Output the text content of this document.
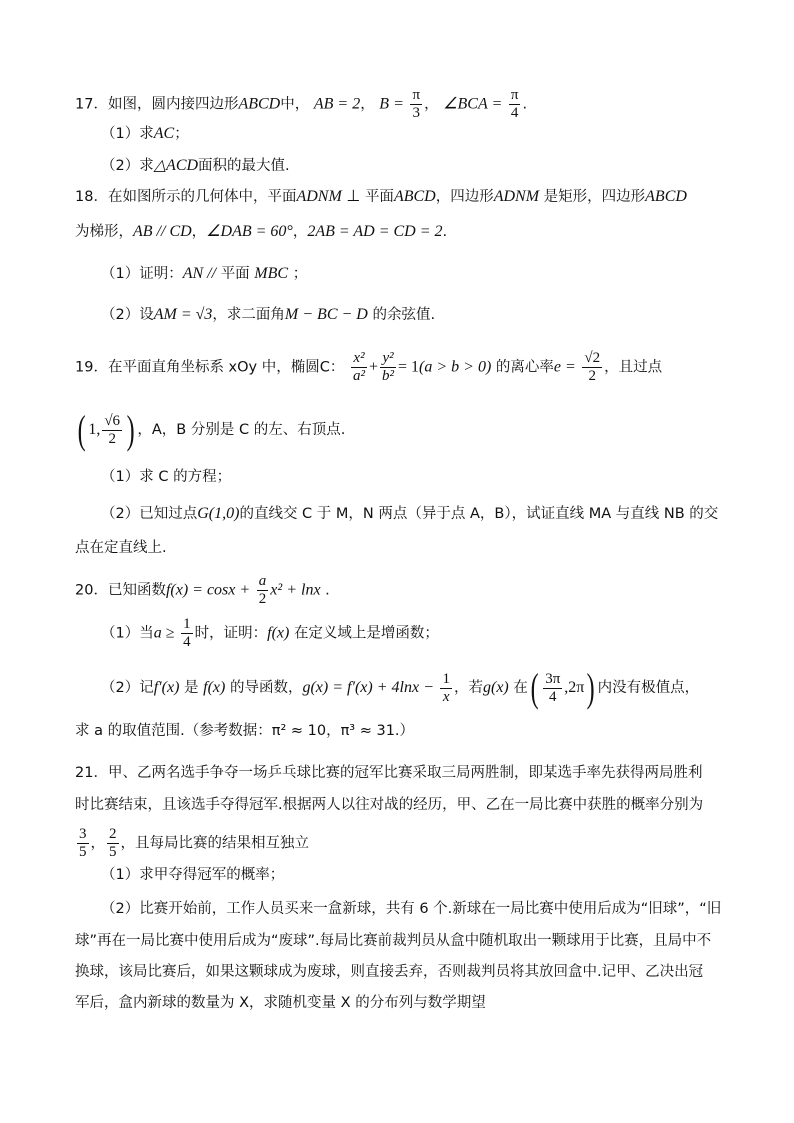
17．如图，圆内接四边形ABCD中， AB = 2， $B = \frac{\pi}{3}$ ， ∠BCA = $\frac{\pi}{4}$ .
（1）求AC；
（2）求△ACD面积的最大值.
18．在如图所示的几何体中，平面ADNM ⊥ 平面ABCD，四边形ADNM 是矩形，四边形ABCD
为梯形，AB // CD，∠DAB = 60°，2AB = AD = CD = 2.
（1）证明：AN // 平面 MBC ；
（2）设AM = √3，求二面角M − BC − D 的余弦值.
19．在平面直角坐标系 xOy 中，椭圆C： $\frac{\text{x²}}{\text{a²}} + \frac{\text{y²}}{\text{b²}} = 1(a > b > 0)$ 的离心率$e = \frac{√2}{2}$ ，且过点
( 1, $\frac{√6}{2}$ ) ，A，B 分别是 C 的左、右顶点.
（1）求 C 的方程；
（2）已知过点G(1,0)的直线交 C 于 M，N 两点（异于点 A，B），试证直线 MA 与直线 NB 的交
点在定直线上.
20．已知函数$f(x) = \cos x + \frac{a}{2} x^2 + \ln x$ .
（1）当$a \ge \frac{1}{4}$ 时，证明：f(x) 在定义域上是增函数；
（2）记f′(x) 是 f(x) 的导函数，$g(x) = f'(x) + 4\ln x - \frac{1}{x}$ ，若g(x) 在( $\frac{3\pi}{4} ,2\pi$) 内没有极值点，
求 a 的取值范围.（参考数据：π² ≈ 10，π³ ≈ 31.）
21．甲、乙两名选手争夺一场乒乓球比赛的冠军比赛采取三局两胜制，即某选手率先获得两局胜利
时比赛结束，且该选手夺得冠军.根据两人以往对战的经历，甲、乙在一局比赛中获胜的概率分别为
$\frac{3}{5}$ ， $\frac{2}{5}$ ，且每局比赛的结果相互独立
（1）求甲夺得冠军的概率；
（2）比赛开始前，工作人员买来一盒新球，共有 6 个.新球在一局比赛中使用后成为“旧球”，“旧
球”再在一局比赛中使用后成为“废球”.每局比赛前裁判员从盒中随机取出一颗球用于比赛，且局中不
换球，该局比赛后，如果这颗球成为废球，则直接丢弃，否则裁判员将其放回盒中.记甲、乙决出冠
军后，盒内新球的数量为 X，求随机变量 X 的分布列与数学期望
